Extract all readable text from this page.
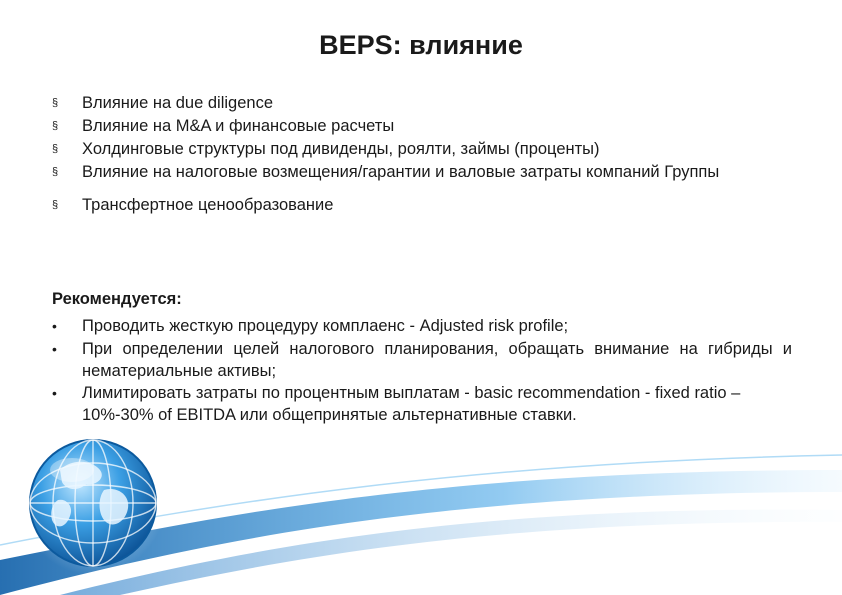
BEPS: влияние
§	Влияние на due diligence
§	Влияние на M&A и финансовые расчеты
§	Холдинговые структуры под дивиденды, роялти, займы (проценты)
§	Влияние на налоговые возмещения/гарантии и валовые затраты компаний Группы
§	Трансфертное ценообразование
Рекомендуется:
•	Проводить жесткую процедуру комплаенс - Adjusted risk profile;
•	При определении целей налогового планирования, обращать внимание на гибриды и нематериальные активы;
•	Лимитировать затраты по процентным выплатам - basic recommendation - fixed ratio – 10%-30% of EBITDA или общепринятые альтернативные ставки.
